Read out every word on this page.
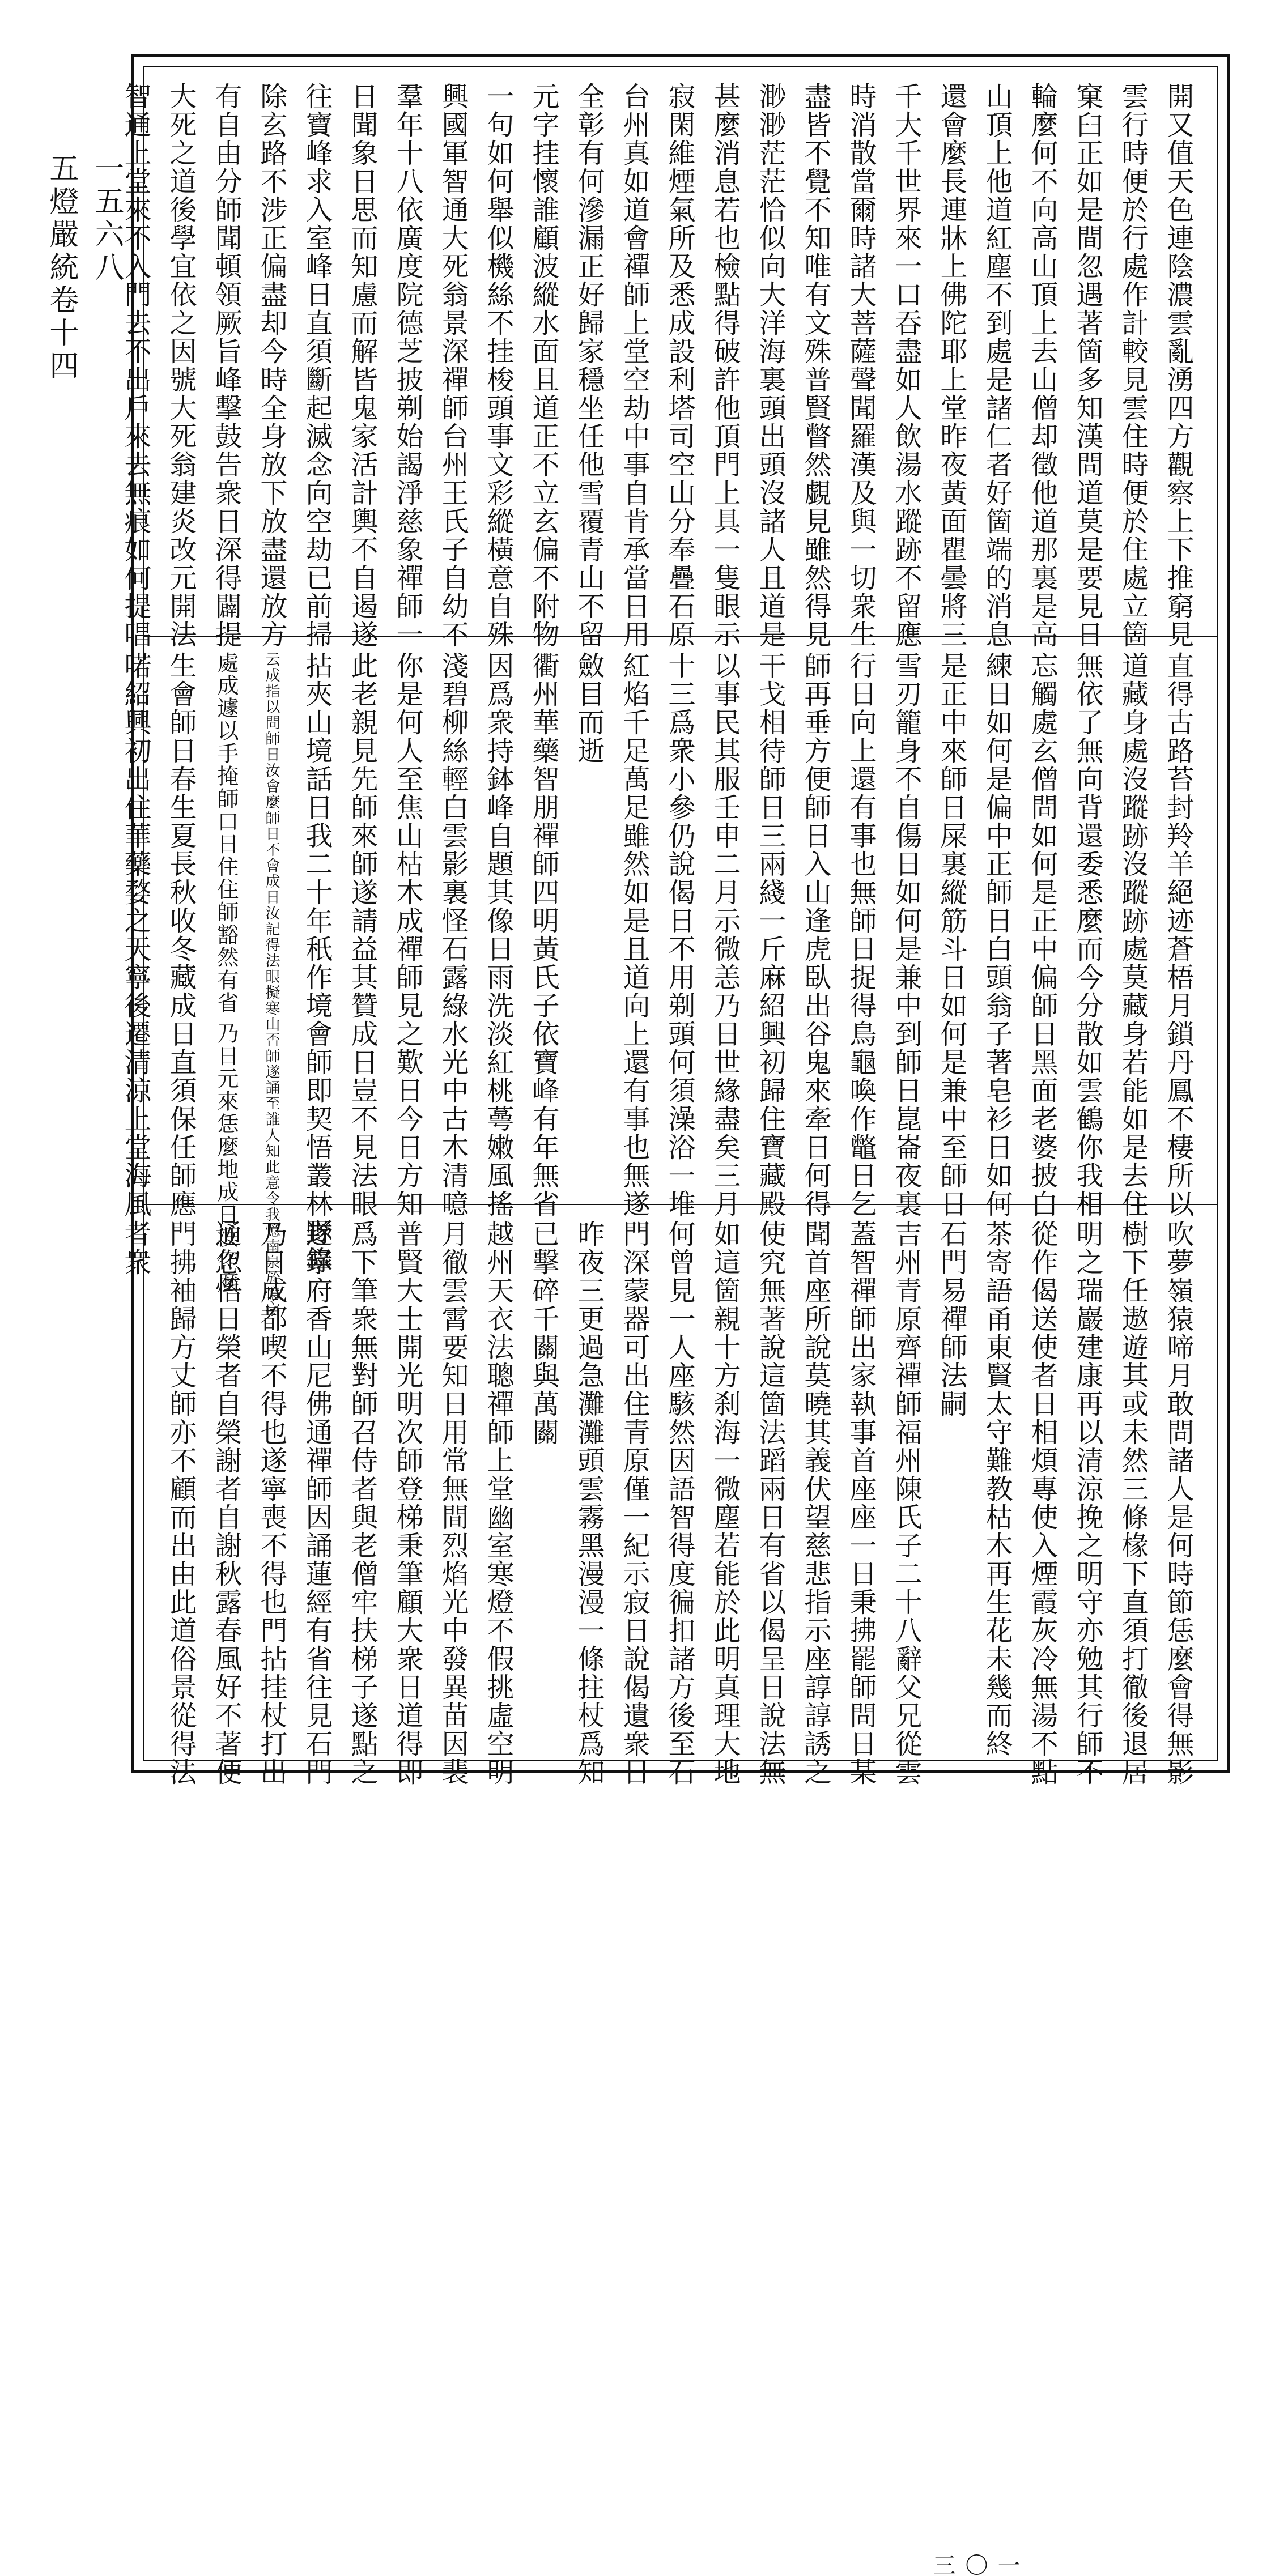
一五六八
五燈嚴統卷十四	開又值天色連陰濃雲亂湧四方觀察上下推窮見
雲行時便於行處作計較見雲住時便於住處立箇
窠臼正如是間忽遇著箇多知漢問道莫是要見日
輪麼何不向高山頂上去山僧却徵他道那裏是高
山頂上他道紅塵不到處是諸仁者好箇端的消息
還會麼長連牀上佛陀耶上堂昨夜黃面瞿曇將三
千大千世界來一口吞盡如人飲湯水蹤跡不留應
時消散當爾時諸大菩薩聲聞羅漢及與一切衆生
盡皆不覺不知唯有文殊普賢瞥然覷見雖然得見
渺渺茫茫恰似向大洋海裏頭出頭沒諸人且道是
甚麼消息若也檢點得破許他頂門上具一隻眼示
寂閑維煙氣所及悉成設利塔司空山分奉疊石原
台州真如道會禪師上堂空劫中事自肯承當日用
全彰有何滲漏正好歸家穩坐任他雪覆青山不留
元字挂懷誰顧波縱水面且道正不立玄偏不附物
一句如何舉似機絲不挂梭頭事文彩縱橫意自殊
興國軍智通大死翁景深禪師台州王氏子自幼不
羣年十八依廣度院德芝披剃始謁淨慈象禪師一
日聞象日思而知慮而解皆鬼家活計輿不自遏遂
往寶峰求入室峰日直須斷起滅念向空劫已前掃
除玄路不涉正偏盡却今時全身放下放盡還放方
有自由分師聞頓領厥旨峰擊鼓告衆日深得闢提
大死之道後學宜依之因號大死翁建炎改元開法
智通上堂來不入門去不出戶來去無痕如何提唱
直得古路苔封羚羊絕迹蒼梧月鎖丹鳳不棲所以
道藏身處沒蹤跡沒蹤跡處莫藏身若能如是去住
無依了無向背還委悉麼而今分散如雲鶴你我相
忘觸處玄僧問如何是正中偏師日黑面老婆披白
練日如何是偏中正師日白頭翁子著皂衫日如何
是正中來師日屎裏縱筋斗日如何是兼中至師日
雪刃籠身不自傷日如何是兼中到師日崑崙夜裏
行日向上還有事也無師日捉得鳥龜喚作鼈日乞
師再垂方便師日入山逢虎臥出谷鬼來牽日何得
干戈相待師日三兩綫一斤麻紹興初歸住寶藏殿
以事民其服壬申二月示微恙乃日世緣盡矣三月
十三爲衆小參仍說偈日不用剃頭何須澡浴一堆
紅焰千足萬足雖然如是且道向上還有事也無遂
斂目而逝
衢州華藥智朋禪師四明黃氏子依寶峰有年無省
因爲衆持鉢峰自題其像日雨洗淡紅桃蕚嫩風搖
淺碧柳絲輕白雲影裏怪石露綠水光中古木清噫
你是何人至焦山枯木成禪師見之歎日今日方知
此老親見先師來師遂請益其贊成日豈不見法眼
拈夾山境話日我二十年秖作境會師即契悟叢林野錄
云成指以問師日汝會麼師日不會成日汝記得法眼擬寒山否師遂誦至誰人知此意令我憶南泉於憶字
處成遽以手掩師口日住住師豁然有省 乃日元來恁麼地成日汝作麼
生會師日春生夏長秋收冬藏成日直須保任師應
喏紹興初出住華藥婺之天寧後遷清涼上堂海風
吹夢嶺猿啼月敢問諸人是何時節恁麼會得無影
樹下任遨遊其或未然三條椽下直須打徹後退居
明之瑞巖建康再以清涼挽之明守亦勉其行師不
從作偈送使者日相煩專使入煙霞灰冷無湯不點
茶寄語甬東賢太守難教枯木再生花未幾而終
石門易禪師法嗣
吉州青原齊禪師福州陳氏子二十八辭父兄從雲
蓋智禪師出家執事首座座一日秉拂罷師問日某
聞首座所說莫曉其義伏望慈悲指示座諄諄誘之
使究無著說這箇法蹈兩日有省以偈呈日說法無
如這箇親十方刹海一微塵若能於此明真理大地
何曾見一人座駭然因語智得度徧扣諸方後至石
門深蒙器可出住青原僅一紀示寂日說偈遺衆日
昨夜三更過急灘灘頭雲霧黑漫漫一條拄杖爲知
已擊碎千關與萬關
越州天衣法聰禪師上堂幽室寒燈不假挑虛空明
月徹雲霄要知日用常無間烈焰光中發異苗因裴
普賢大士開光明次師登梯秉筆顧大衆日道得即
爲下筆衆無對師召侍者與老僧牢扶梯子遂點之
遂寧府香山尼佛通禪師因誦蓮經有省往見石門
乃日成都喫不得也遂寧喪不得也門拈挂杖打出
通忽悟日榮者自榮謝者自謝秋露春風好不著便
門拂袖歸方丈師亦不顧而出由此道俗景從得法
者衆
一〇三
